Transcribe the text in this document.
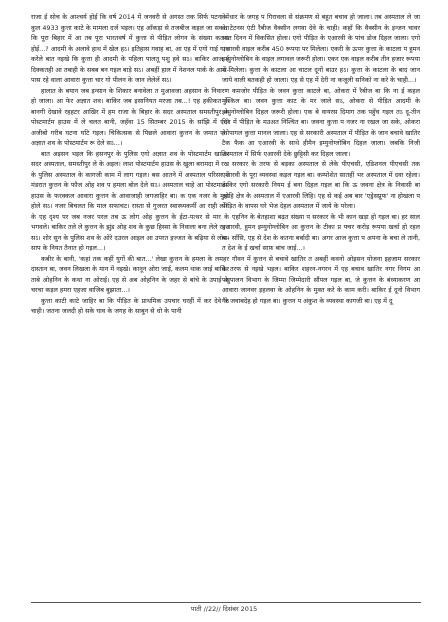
राजा ई सोच के आश्चर्य होई कि वर्ष 2014 में जनवरी से अगस्त तक सिर्फ पटना में कुल 4933 कुत्ता काटे के मामला दर्ज भइल। एह आँकड़ा से तजबीज कइल जा सकता कि पूरा बिहार में आ तब पूरा भारतवर्ष में कुत्ता से पीड़ित लोगन के संख्या कतना होई...? आदमी के अलावे हाथ में खेल हऽ। इतिहास गवाह बा, आ एह में एगो गाई गाय करेले बात नइखे कि कुत्ता ही आदमी के पहिला पालतू पशु हवे सऽ। बाकिर आज ई दिक्कतही आ तबाही के सबब बन गइल बाड़े सऽ। अबहीं हाल में नेशनल पार्क के आस-पास रहे वाला आवारा कुत्ता चार गो पीलन के जान लेलेलें सऽ।

हालात के बयान जब इन्सान के शिकार बनावेला त मुआवजा अहसान के निवारण हो जाला। आ फेर अज्ञात शव। बाकिर जब इसानियत मरजा तब...! एह हकीकत के बानगी देखावे रहहटर आखिर में हम राजा के बिहार के सदर अस्पताल समस्तीपुर के पोस्टमार्टम हाउस में ले चलत बानी, जहँवा 15 सितम्बर 2015 के सांझि में एगो अजीबो गरीब घटना घटि गइल। चिकित्सक से पिछले आवारा कुत्तन के जमात एगो अज्ञात शव के पोस्टमार्टम रू देले सऽ...।

बात अइसन भइल कि हसनपुर के पुलिस एगो अज्ञात शव के पोस्टमार्टम खातिर सदर अस्पताल, समस्तीपुर ले के अइल। लाश पोस्टमार्टम हाउस के खुला बरामदा में रख के पुलिस अस्पताल के कागजी काम में लाग गइल। बस आतने में अस्पताल परिसर में मंडरात कुत्तन के फौज ओह शव प हमला बोल देले सऽ। अस्पताल चाहे आ पोस्टमार्टम हाउस के फरक्कल आवारा कुत्तन के आवाजाही जगजाहिर बा। क एक नजर के मुहा होले सऽ। नजर बिचलत कि माल सफाचट। रास्ता से गुजरत स्वास्थ्यकर्मी आ राही लोग के एह दृश्य पर जब नजर परल तब ऊ लोग ओह कुत्तन के ईटा-पत्थर से मार के भगवले। बाकिर तले ले कुत्तन के झुंड ओह शव के कुछ हिस्सा के निवाला बना लेले रहन सऽ। शोर सुन के पुलिस शव के ओरे दउरल आइल आ उपरत इज्जत के बढ़िया से लोप-साप के नियत तैनात हो गइल...।

कबीर के बानी, 'कहां तक कहीं युगों की बात...' लेखा कुत्तन के हमला के लमहर दास्तान बा, जवन लिखला के मान में नइखे। कानून ओरा जाई, कलम थाक जाई बाकिर ताबे ओहनिन के कथा ना ओराई। एह से अब ओहनिन के जहर से बांचे के उपाई के चरचा कइल हमरा एहजा वाजिब बुझाता...।

कुत्ता काटी काटे जाहिर बा कि पीड़ित के प्राथमिक उपचार घरहीं में कर देवे के चाही। जतना जलदी हो सके घाव के जगह के साबुन से धो के पानी

के धार के जगह प गिरावला से संक्रमण से बहुत बचाव हो जाला। तब अस्पताल ले जा के टेटनस एंटी रैबीज वैक्सीन लगवा देवे के चाही। कहाँ कि वैक्सीन के इन्जन चावर सात दिनन में विकसित होला। एगो पीड़ित के एआरवी के पांच डोज दिहल जाला। एगो एआरवी वाइल करीब 450 रूपया पर मिलेला। एकरी के ऊपर कुत्ता के काटला प हुमन इम्युनोग्लोबिन के वाइल लगावल जरूरी होला। एकर एक वाइल करीब तीन हजार रूपया में मिलेला। कुत्ता के काटला आ चाटल दूनों बाउर हऽ। कुत्ता के काटला के बाद जान जाये वाली बतकही हो जाला। एह से एह में देरी ना कजूली सनिको ना करे के चाही...।

कमजोर पीड़ित के जवन कुत्ता काटले बा, ओकरा में रैबीज बा कि ना ई कहल मुश्किल बा। जवन कुत्ता काट के मर जाले सऽ, ओकरा से पीड़ित आदमी के इम्युनोग्लोबिन दिहल जरूरी होला। एक बे वायरस दिमाग तक पहुँच गइल तऽ दू-तीन दिन में पीड़ित के मउअत निश्चित बा। जवना कुत्ता प नजर ना रखल जा सके, ओकरा के पागल कुत्ता मानल जाला। एह से सरकारी अस्पताल में पीड़ित के जान बचावे खातिर टैक फैक आ एआरवी के साथे हीमैन इम्युनोग्लोबिन दिहल जाला। जबकि निजी अस्पताल में सिर्फ एआरवी देके छुट्टिसी कर दिहल जाला।

सरकार के तरफ से बड़का अस्पताल से लेके पीएचसी, एडिशनल पीएचसी तक एआरवी के पूरा व्यवस्था कइल गइल बा। कम्पोशेत सातहीं भर अस्पताल में दवा रहेला। बाकिर एगो सरकारी नियम ई बना दिहल गइल बा कि ऊ जवना क्षेत्र के निवासी बा ओहि क्षेत्र के अस्पताल में एआरवी लिहि। एह से कई अब बार 'एड्रेसप्रूफ' ना होखला प पीड़ित के वापस घरे भेज देहल अस्पताल में जाये के परेला।

एहनिन के बेतहाशा बढ़त संख्या प सरकार के भी कान खड़ा हो गइल बा। हर साल एआरवी, हुमन इम्युनोग्लोबिन आ कुत्तन के टीका प्र फ्चर करोड़ रूपया खर्चा हो रहल बा। साँसि, एह से देश के कतना बर्बादी बा। अगर आज कुत्ता प अपना के बचा ले तानी, त देश के ई खर्चा साफ़ बांच जाई...।

गौवन में कुत्तन से बचावे खातिर त अबहीं कवनो ओइसन योजना इहजाम सरकार के तरफ से नइखे भइल। बाकिर शहरन-नगरन में एह बचाव खातिर नगर निगम आ पशुपालन विभाग के जिम्मा जिम्मेदारी सौंपल गइल बा, जे कुत्तन के बंध्याकरण आ आवारा जानवर इहलवा के ओहनिन के मुक्त करे के काम करी। बाकिर ई दूनो विभाग गैर जवाबदेह हो गइल बा। कुत्तन प अंकुश के व्यवस्था कागजी बा। एह में दू

पाती //22// दिसंबर 2015
